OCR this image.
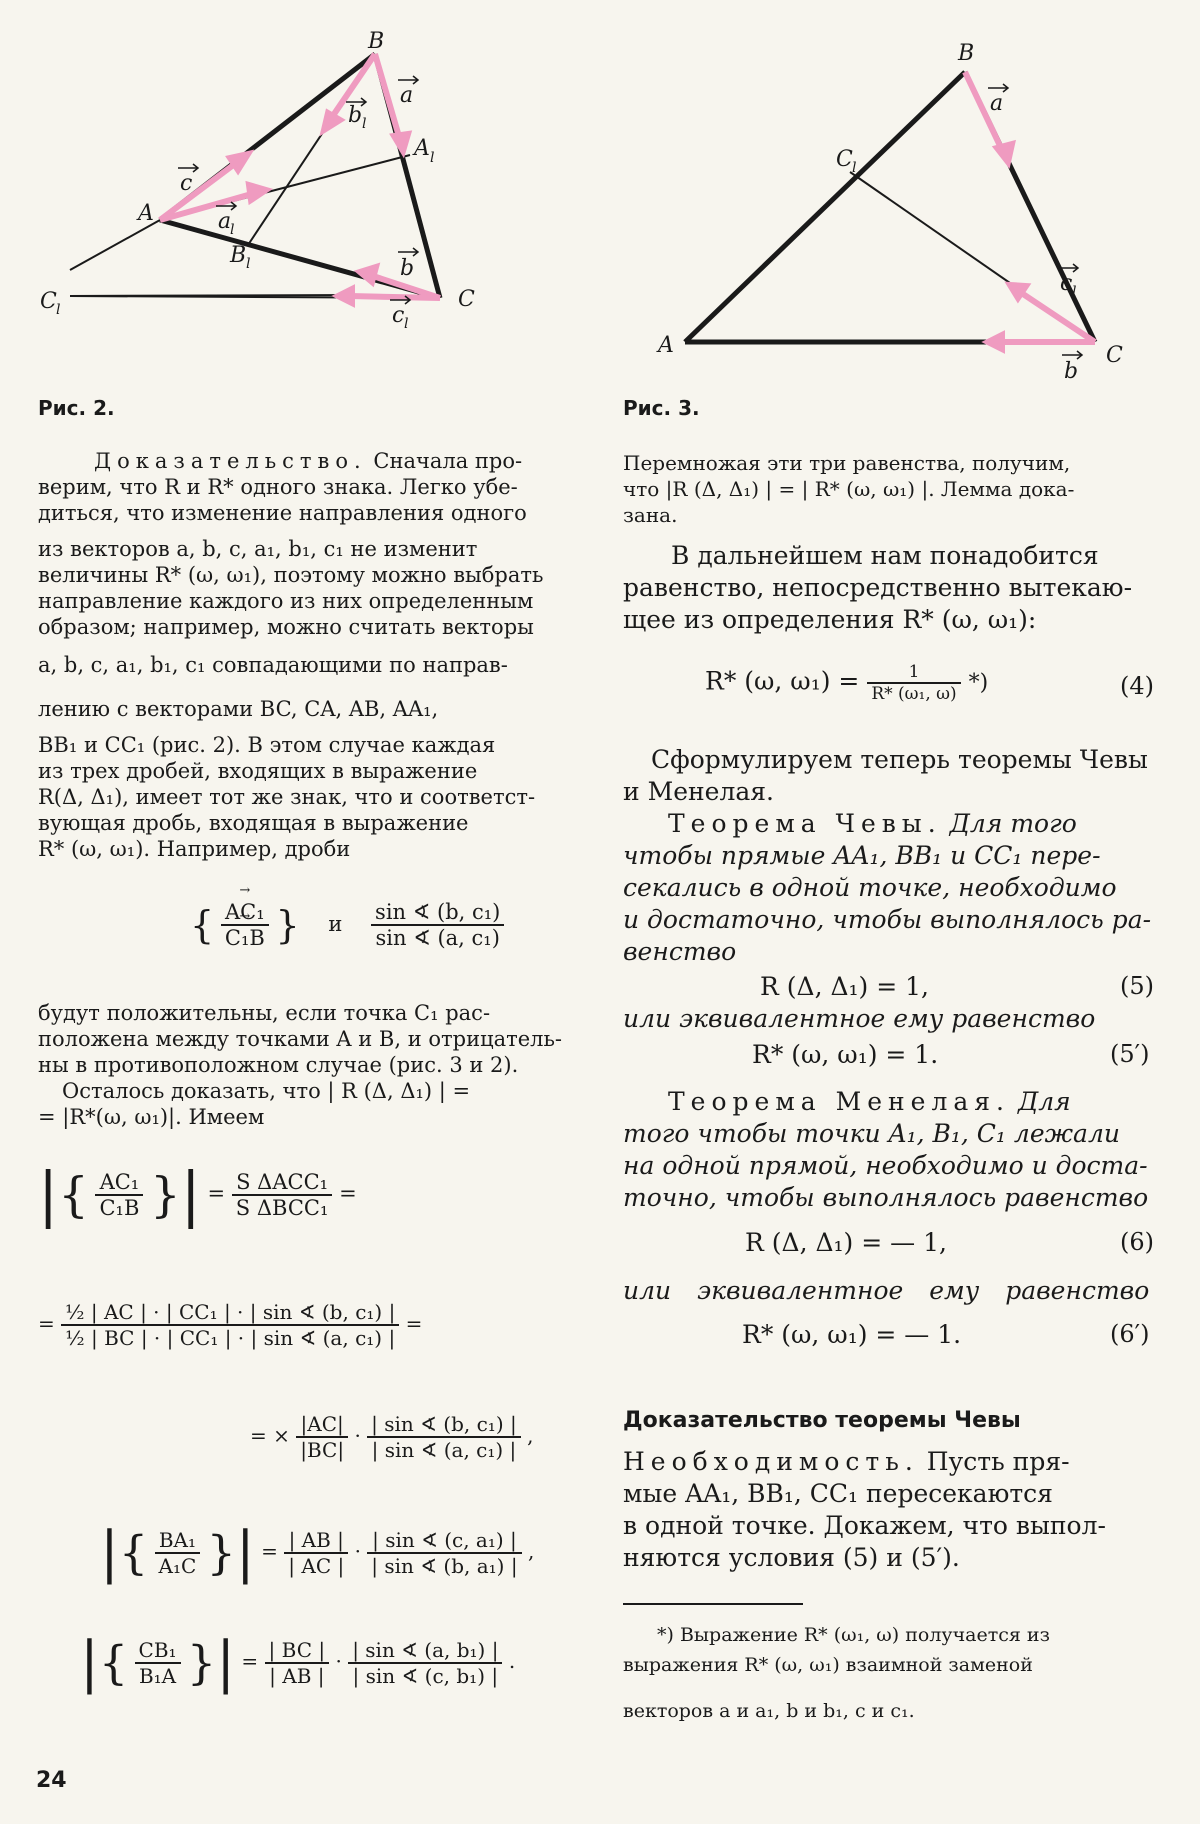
B
A
C
C l
A l
B l
a
b l
c
a
l
b
c l
Рис. 2.
B
A	C
C l
a
c l
b
Рис. 3.
Доказательство. Сначала про-
верим, что R и R* одного знака. Легко убе-
диться, что изменение направления одного
из векторов a, b, c, a₁, b₁, c₁ не изменит
величины R* (ω, ω₁), поэтому можно выбрать
направление каждого из них определенным
образом; например, можно считать векторы
a, b, c, a₁, b₁, c₁ совпадающими по направ-
лению с векторами BC, CA, AB, AA₁,
BB₁ и CC₁ (рис. 2). В этом случае каждая
из трех дробей, входящих в выражение
R(Δ, Δ₁), имеет тот же знак, что и соответст-
вующая дробь, входящая в выражение
R* (ω, ω₁). Например, дроби
{ → AC₁
→ C₁B } и $\frac{\text{sin ∢ (b, c₁)}}{\text{sin ∢ (a, c₁)}}$
будут положительны, если точка C₁ рас-
положена между точками A и B, и отрицатель-
ны в противоположном случае (рис. 3 и 2).
Осталось доказать, что | R (Δ, Δ₁) | =
= |R*(ω, ω₁)|. Имеем
|{ $\frac{\text{AC₁}}{\text{C₁B}}$ }| = $\frac{\text{S ΔACC₁}}{\text{S ΔBCC₁}}$ =
= $\frac{\text{½ | AC | · | CC₁ | · | sin ∢ (b, c₁) |}}{\text{½ | BC | · | CC₁ | · | sin ∢ (a, c₁) |}}$ =
= × $\frac{|AC|}{|BC|} \cdot \frac{\text{| sin ∢ (b, c₁) |}}{\text{| sin ∢ (a, c₁) |}}$ ,
|{ $\frac{\text{BA₁}}{\text{A₁C}}$ }| = $\frac{| AB |}{| AC |} \cdot \frac{\text{| sin ∢ (c, a₁) |}}{\text{| sin ∢ (b, a₁) |}}$ ,
|{ $\frac{\text{CB₁}}{\text{B₁A}}$ }| = $\frac{| BC |}{| AB |} \cdot \frac{\text{| sin ∢ (a, b₁) |}}{\text{| sin ∢ (c, b₁) |}}$ .
Перемножая эти три равенства, получим,
что |R (Δ, Δ₁) | = | R* (ω, ω₁) |. Лемма дока-
зана.
В дальнейшем нам понадобится
равенство, непосредственно вытекаю-
щее из определения R* (ω, ω₁):
R* (ω, $\omega_1) = \frac{1}{\text{R* (ω₁, ω)}}$ *)	(4)
Сформулируем теперь теоремы Чевы
и Менелая.
Теорема Чевы. Для того
чтобы прямые AA₁, BB₁ и CC₁ пере-
секались в одной точке, необходимо
и достаточно, чтобы выполнялось ра-
венство
R (Δ, Δ₁) = 1,	(5)
или эквивалентное ему равенство
R* (ω, ω₁) = 1.	(5′)
Теорема Менелая. Для
того чтобы точки A₁, B₁, C₁ лежали
на одной прямой, необходимо и доста-
точно, чтобы выполнялось равенство
R (Δ, Δ₁) = — 1,	(6)
или эквивалентное ему равенство
R* (ω, ω₁) = — 1.	(6′)
Доказательство теоремы Чевы
Необходимость. Пусть пря-
мые AA₁, BB₁, CC₁ пересекаются
в одной точке. Докажем, что выпол-
няются условия (5) и (5′).
*) Выражение R* (ω₁, ω) получается из
выражения R* (ω, ω₁) взаимной заменой
векторов a и a₁, b и b₁, c и c₁.
24
